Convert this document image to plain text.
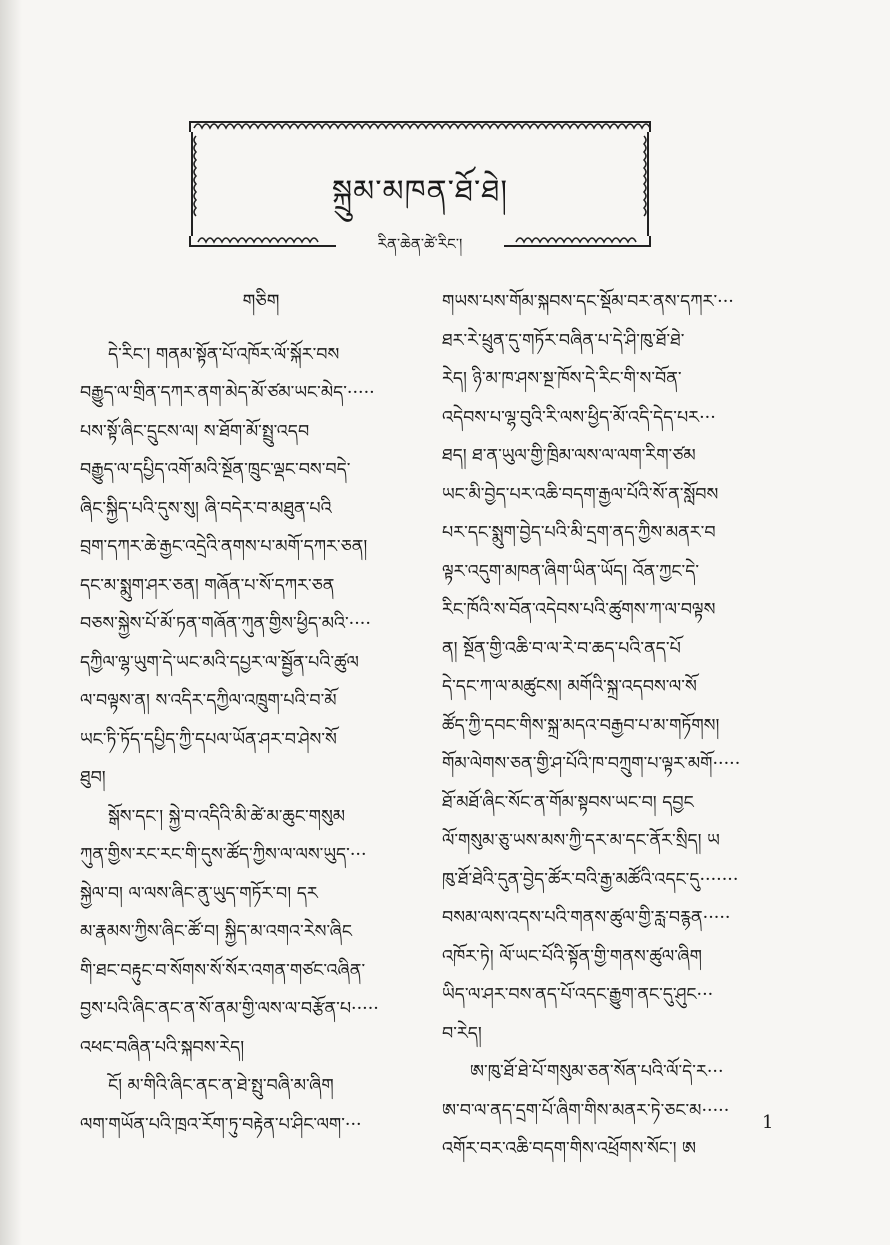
སྐྲུམ་མཁན་ཐོ་ཐེ།
རིན་ཆེན་ཚེ་རིང་།
གཅིག
དེ་རིང་། གནམ་སྟོན་པོ་འཁོར་ལོ་སྐོར་བས
བརྒྱུད་ལ་གྲིན་དཀར་ནག་མེད་མོ་ཙམ་ཡང་མེད་·····
པས་སྟོ་ཞིང་དྲུངས་ལ། ས་ཐོག་མོ་སྤྲུ་འདབ
བརྒྱུད་ལ་དཔྱིད་འགོ་མའི་སྔོན་ཁྲུང་ལྡང་བས་བདེ་
ཞིང་སྐྱིད་པའི་དུས་སུ། ཞི་བདེར་བ་མཐུན་པའི
བྲག་དཀར་ཆེ་རྒྱང་འདྲེའི་ནགས་པ་མགོ་དཀར་ཅན།
དང་མ་སྨུག་ཤར་ཅན། གཞོན་པ་སོ་དཀར་ཅན
བཅས་སྐྱེས་པོ་མོ་ཏན་གཞོན་ཀུན་གྱིས་ཕྱིད་མའི་····
དཀྱིལ་ལྷ་ཡུག་དེ་ཡང་མའི་དཔྱར་ལ་སྦྱོན་པའི་ཚུལ
ལ་བལྟས་ན། ས་འདིར་དཀྱིལ་འཁྲུག་པའི་བ་མོ
ཡང་ཏི་ཏོད་དཔྱིད་ཀྱི་དཔལ་ཡོན་ཤར་བ་ཤེས་སོ
ཐུབ།
སྒོས་དང་། སྐྱེ་བ་འདིའི་མི་ཚེ་མ་ཆུང་གསུམ
ཀུན་གྱིས་རང་རང་གི་དུས་ཚོད་ཀྱིས་ལ་ལས་ཡུད་···
སྐྱེལ་བ། ལ་ལས་ཞིང་ནུ་ཡུད་གཏོར་བ། དར
མ་རྣམས་ཀྱིས་ཞིང་ཚོ་བ། སྐྱིད་མ་འགའ་རེས་ཞིང
གི་ཐང་བརྟུང་བ་སོགས་སོ་སོར་འགན་གཙང་འཞིན་
བྱས་པའི་ཞིང་ནང་ན་སོ་ནམ་གྱི་ལས་ལ་བརྩོན་པ·····
འཕང་བཞིན་པའི་སྐབས་རེད།
ངོ། མ་གིའི་ཞིང་ནང་ན་ཐེ་སྤུ་བཞི་མ་ཞིག
ལག་གཡོན་པའི་ཁྲའ་རོག་ཏུ་བརྟེན་པ་ཤིང་ལག་···
གཡས་པས་གོམ་སྐབས་དང་སྡོམ་བར་ནས་དཀར་···
ཐར་རེ་ཕྲུན་དུ་གཏོར་བཞིན་པ་དེ་ཤི་ཁུ་ཐོ་ཐེ་
རེད། ཉི་མ་ཁ་ཤས་སྔ་ཁོས་དེ་རིང་གི་ས་བོན་
འདེབས་པ་ལྷ་བུའི་རི་ལས་ཕྱིད་མོ་འདི་དེད་པར···
ཐད། ཐ་ན་ཡུལ་གྱི་ཁྲིམ་ལས་ལ་ལག་རིག་ཙམ
ཡང་མི་བྱེད་པར་འཆི་བདག་རྒྱལ་པོའི་སོ་ན་སློབས
པར་དང་སྨུག་བྱེད་པའི་མི་དྲག་ནད་ཀྱིས་མནར་བ
ལྟར་འདུག་མཁན་ཞིག་ཡིན་ཡོད། འོན་ཀྱང་དེ་
རིང་ཁོའི་ས་བོན་འདེབས་པའི་ཚུགས་ཀ་ལ་བལྟས
ན། སྔོན་གྱི་འཆི་བ་ལ་རེ་བ་ཆད་པའི་ནད་པོ
དེ་དང་ཀ་ལ་མཚུངས། མགོའི་སྐྲ་འདབས་ལ་སོ
ཚོད་ཀྱི་དབང་གིས་སྐྲ་མདའ་བརྒྱབ་པ་མ་གཏོགས།
གོམ་ལེགས་ཅན་གྱི་ཤ་པོའི་ཁ་བཀྲུག་པ་ལྟར་མགོ·····
ཐོ་མཐོ་ཞིང་སོང་ན་གོམ་སྟབས་ཡང་བ། དབྱང
ལོ་གསུམ་ཅུ་ཡས་མས་ཀྱི་དར་མ་དང་ནོར་སྲིད། ཡ
ཁུ་ཐོ་ཐེའི་དུན་བྱེད་ཚོར་བའི་རྒྱ་མཚོའི་འདང་དུ·······
བསམ་ལས་འདས་པའི་གནས་ཚུལ་གྱི་རླ་བརྙན·····
འཁོར་ཏེ། ལོ་ཡང་པོའི་སྟོན་གྱི་གནས་ཚུལ་ཞིག
ཡིད་ལ་ཤར་བས་ནད་པོ་འདང་རྒྱུག་ནང་དུ་ཤུང···
བ་རེད།
ཨ་ཁུ་ཐོ་ཐེ་པོ་གསུམ་ཅན་སོན་པའི་ལོ་དེ་ར···
ཨ་བ་ལ་ནད་དྲག་པོ་ཞིག་གིས་མནར་ཏེ་ཅང་མ·····
འགོར་བར་འཆི་བདག་གིས་འཕྲོགས་སོང་། ཨ
1
